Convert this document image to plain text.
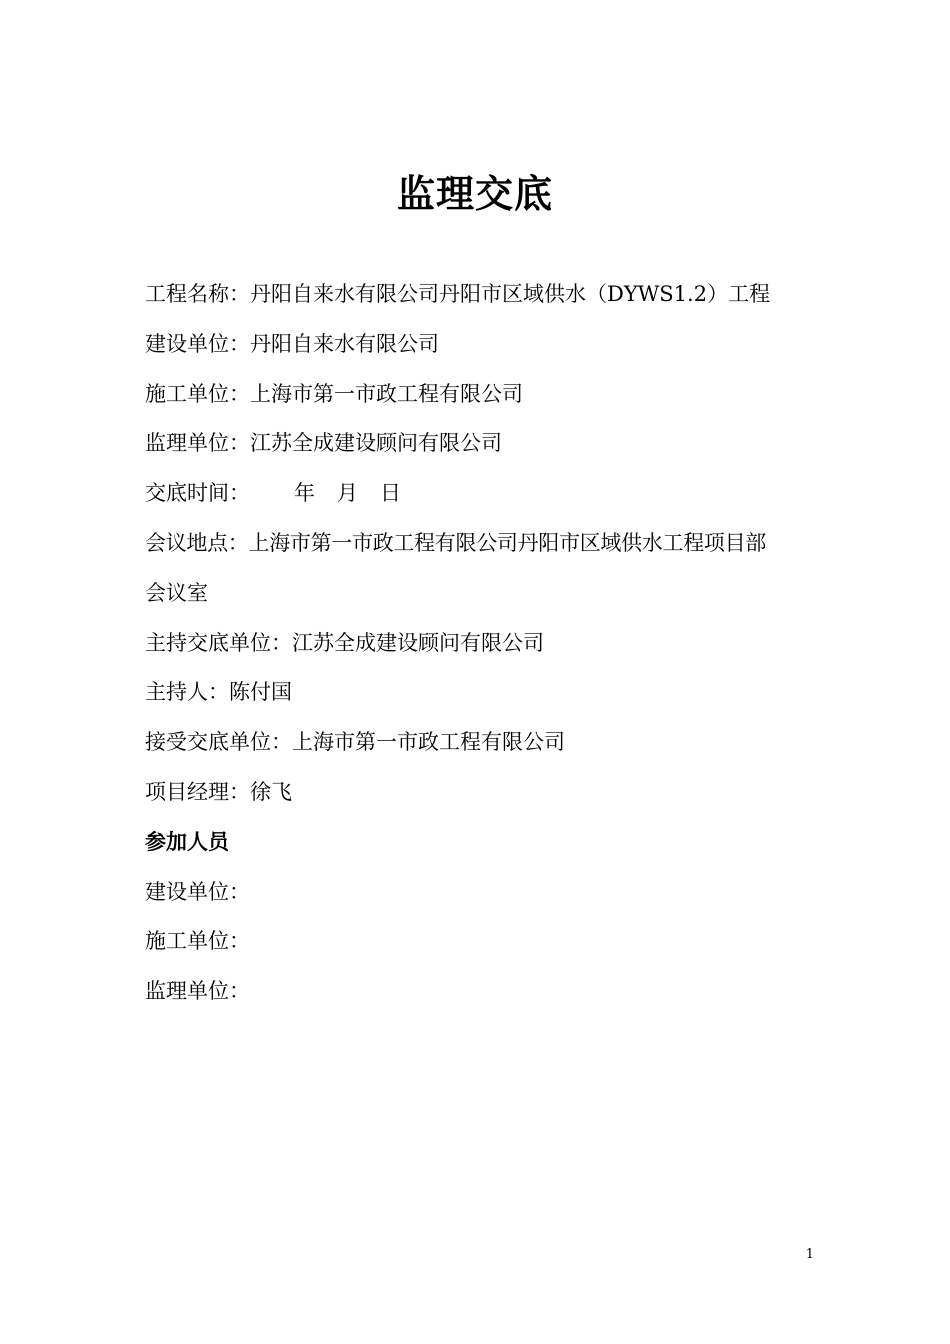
监理交底
工程名称：丹阳自来水有限公司丹阳市区域供水（DYWS1.2）工程
建设单位：丹阳自来水有限公司
施工单位：上海市第一市政工程有限公司
监理单位：江苏全成建设顾问有限公司
交底时间： 年 月 日
会议地点：上海市第一市政工程有限公司丹阳市区域供水工程项目部
会议室
主持交底单位：江苏全成建设顾问有限公司
主持人：陈付国
接受交底单位：上海市第一市政工程有限公司
项目经理：徐飞
参加人员
建设单位：
施工单位：
监理单位：
1
